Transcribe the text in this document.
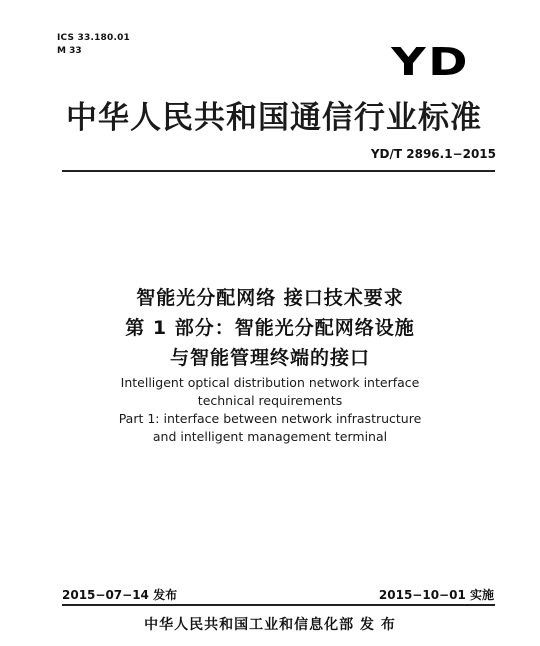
ICS 33.180.01
M 33	YD
中华人民共和国通信行业标准
YD/T 2896.1−2015
智能光分配网络 接口技术要求
第 1 部分：智能光分配网络设施
与智能管理终端的接口
Intelligent optical distribution network interface
technical requirements
Part 1: interface between network infrastructure
and intelligent management terminal
2015−07−14 发布	2015−10−01 实施
中华人民共和国工业和信息化部 发 布
